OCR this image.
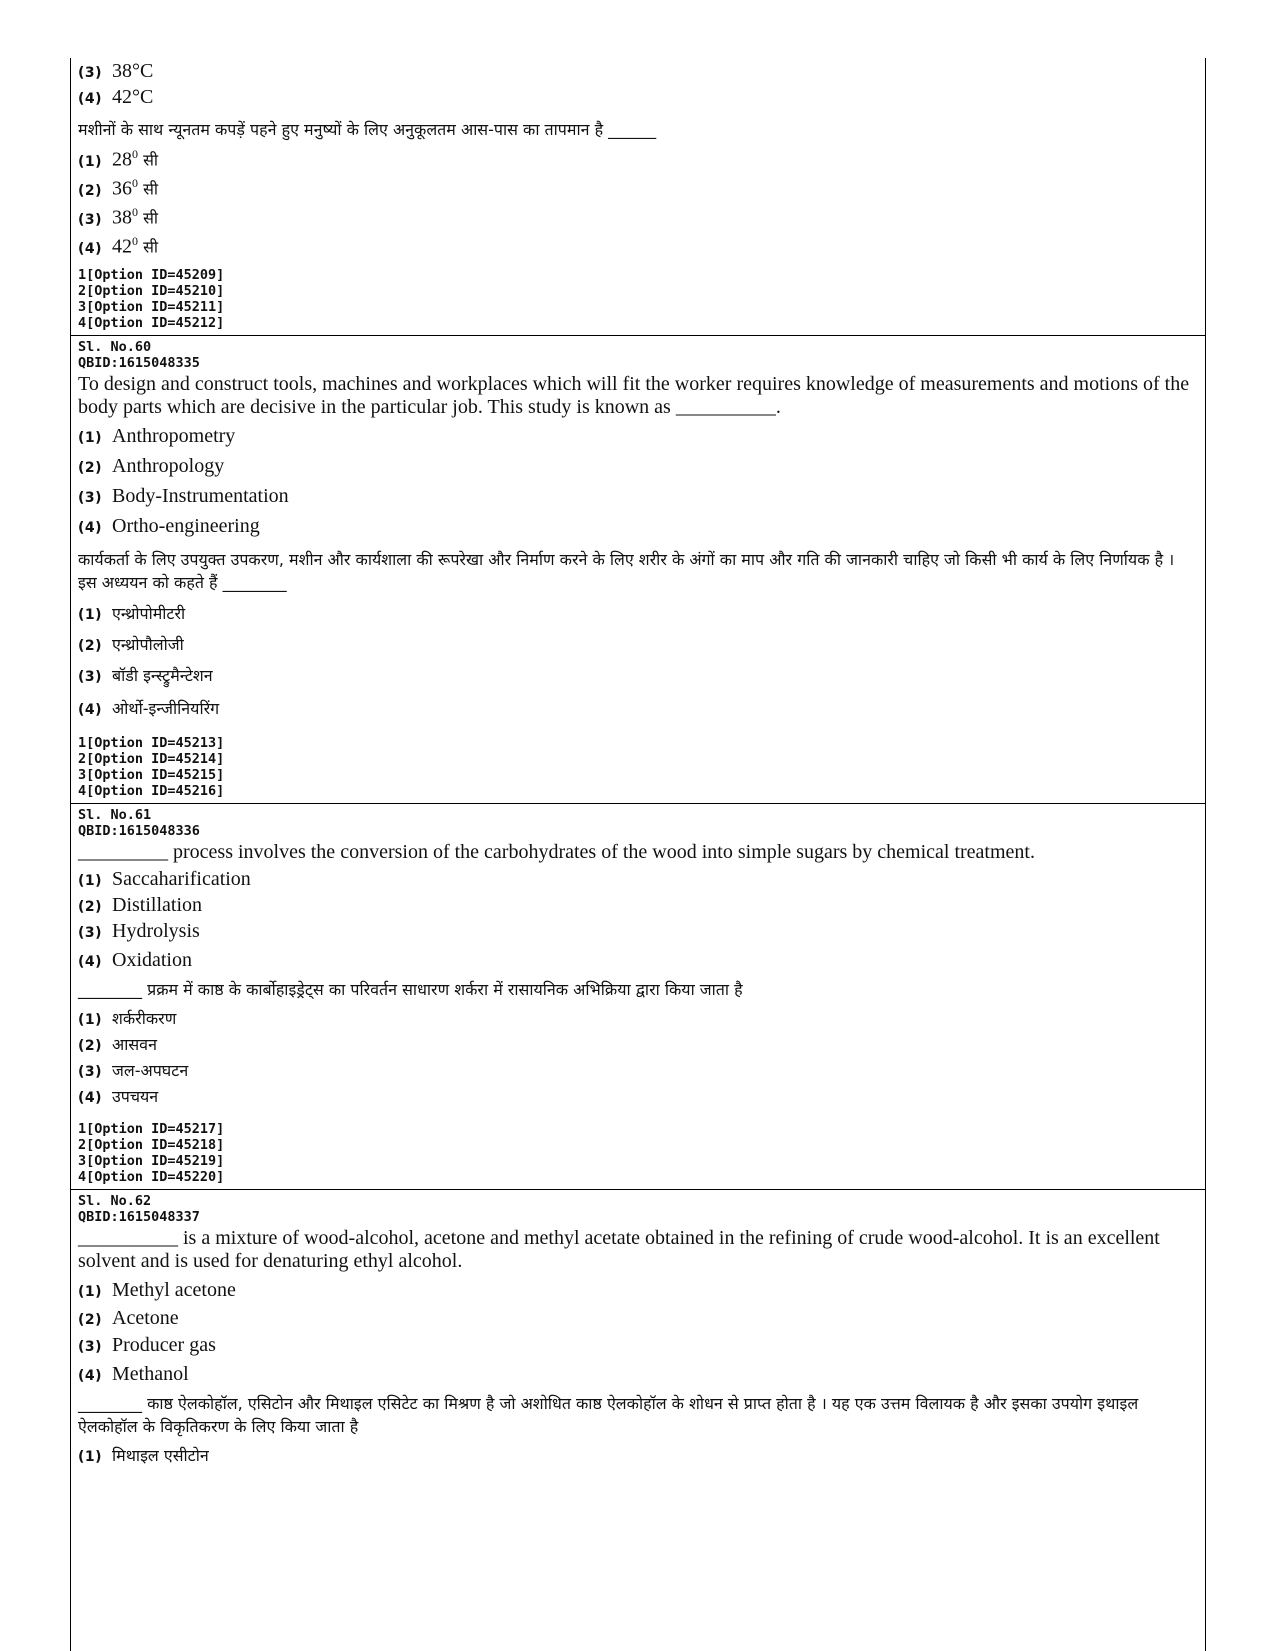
(3) 38°C
(4) 42°C

मशीनों के साथ न्यूनतम कपड़ें पहने हुए मनुष्यों के लिए अनुकूलतम आस-पास का तापमान है ______

(1) $28^0$ सी
(2) $36^0$ सी
(3) $38^0$ सी
(4) $42^0$ सी
1[Option ID=45209]
2[Option ID=45210]
3[Option ID=45211]
4[Option ID=45212]

Sl. No.60

QBID:1615048335

To design and construct tools, machines and workplaces which will fit the worker requires knowledge of measurements and motions of the body parts which are decisive in the particular job. This study is known as __________.

(1) Anthropometry
(2) Anthropology
(3) Body-Instrumentation
(4) Ortho-engineering

कार्यकर्ता के लिए उपयुक्त उपकरण, मशीन और कार्यशाला की रूपरेखा और निर्माण करने के लिए शरीर के अंगों का माप और गति की जानकारी चाहिए जो किसी भी कार्य के लिए निर्णायक है । इस अध्ययन को कहते हैं ________

(1) एन्थ्रोपोमीटरी
(2) एन्थ्रोपौलोजी
(3) बॉडी इन्स्ट्रुमैन्टेशन
(4) ओर्थो-इन्जीनियरिंग
1[Option ID=45213]
2[Option ID=45214]
3[Option ID=45215]
4[Option ID=45216]

Sl. No.61

QBID:1615048336

_________ process involves the conversion of the carbohydrates of the wood into simple sugars by chemical treatment.

(1) Saccaharification
(2) Distillation
(3) Hydrolysis
(4) Oxidation

________ प्रक्रम में काष्ठ के कार्बोहाइड्रेट्स का परिवर्तन साधारण शर्करा में रासायनिक अभिक्रिया द्वारा किया जाता है

(1) शर्करीकरण
(2) आसवन
(3) जल-अपघटन
(4) उपचयन
1[Option ID=45217]
2[Option ID=45218]
3[Option ID=45219]
4[Option ID=45220]

Sl. No.62

QBID:1615048337

__________ is a mixture of wood-alcohol, acetone and methyl acetate obtained in the refining of crude wood-alcohol. It is an excellent solvent and is used for denaturing ethyl alcohol.

(1) Methyl acetone
(2) Acetone
(3) Producer gas
(4) Methanol

________ काष्ठ ऐलकोहॉल, एसिटोन और मिथाइल एसिटेट का मिश्रण है जो अशोधित काष्ठ ऐलकोहॉल के शोधन से प्राप्त होता है । यह एक उत्तम विलायक है और इसका उपयोग इथाइल ऐलकोहॉल के विकृतिकरण के लिए किया जाता है

(1) मिथाइल एसीटोन
